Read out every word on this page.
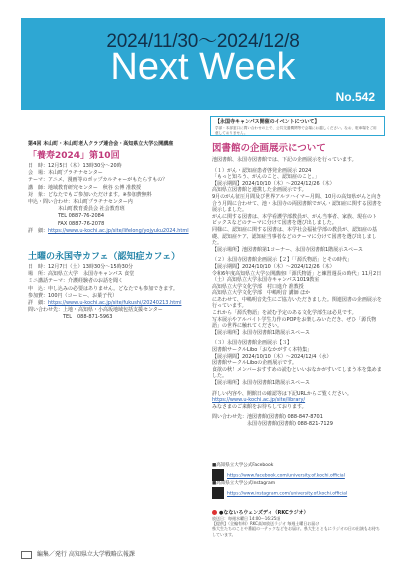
2024/11/30〜2024/12/8
Next Week
No.542
【永国寺キャンパス開催のイベントについて】
学部・本部窓口に問い合わせの上で、公共交通機関等で会場にお越しください。なお、駐車場をご用意しておりません。
第4回 本山町・本山町老人クラブ連合会・高知県立大学公開講座
「養寿2024」第10回
日　時：12月5日（木）13時30分〜20時
会　場：本山町プラチナセンター
テーマ：アニメ、漫画等のポップカルチャーがもたらすもの？
講　師：地域教育研究センター　秋谷 公博 准教授
対　象：どなたでもご参加いただけます。※参加費無料
申込・問い合わせ：本山町プラチナセンター内
　　　　　　本山町教育委員会 社会教育班
　　　　　　TEL 0887-76-2084
　　　　　　FAX 0887-76-2078
詳　細：https://www.u-kochi.ac.jp/site/lifelong/yojyuku2024.html
土曜の永国寺カフェ（認知症カフェ）
日　時：12月7日（土）13時30分〜15時30分
場　所：高知県立大学　永国寺キャンパス 食堂
ミニ講話テーマ：介護経験者のお話を聞く
申　込：申し込みの必要はありません。どなたでも参加できます。
参加費：100円（コーヒー、お菓子代）
詳　細：https://www.u-kochi.ac.jp/site/fukushi/20240213.html
問い合わせ先：上地・高知県・小高坂地域包括支援センター
　　　　　　　TEL　088-871-5963
図書館の企画展示について
池図書館、永国寺図書館では、下記の企画展示を行っています。
（１）がん・認知症患者啓発企画展示 2024
「もっと知ろう、がんのこと、認知症のこと。」
【展示期間】2024/10/10（木）〜2024/12/26（木）
高知県立図書館と連携した企画展示です。
9月のがん征圧月間及び世界アルツハイマー月間、10月の高知県がんと向き合う月間に合わせて、池・永国寺の両図書館でがん・認知症に関する図書を展示しました。
がんに関する図書は、本学看護学部教員が、がん当事者、家族、現在のトピックスなどのテーマに分けて図書を選び出しました。
同様に、認知症に関する図書は、本学社会福祉学部の教員が、認知症の基礎、認知症ケア、認知症当事者などのテーマに分けて図書を選び出しました。
【展示場所】池図書館第1コーナー、永国寺図書館1階展示スペース
（２）永国寺図書館企画展示【２】「「源氏物語」とその時代」
【展示期間】2024/10/10（木）〜2024/12/26（木）
令和6年度高知県立大学公開講座Ⅰ「源氏物語」と練習週長の時代」11月2日（土）高知県立大学永国寺キャンパス1019教室
高知県立大学文化学部　村口進介 准教授
高知県立大学文化学部　中嶋明音 講師 ほか
にあわせて、中嶋明音先生にご協力いただきました。関連図書の企画展示を行っています。
これから「源氏物語」を読む予定のある文化学部生は必見です。
写本展示やアルバイト学生力作のPOPをお楽しみいただき、ぜひ「源氏物語」の世界に触れてください。
【展示場所】永国寺図書館1階展示スペース
（３）永国寺図書館企画展示【３】
図書館サークルLibo「おなかがすく本特集」
【展示期間】2024/10/10（木）〜2024/12/4（水）
図書館サークルLiboの企画展示です。
食欲の秋！メンバーおすすめの読むといいおなかがすいてしまう本を集めました。
【展示場所】永国寺図書館1階展示スペース
詳しい内容や、開館日の確認等は下記URLからご覧ください。
https://www.u-kochi.ac.jp/site/library/
みなさまのご来館をお待ちしております。
問い合わせ先：池図書館(図書館) 088-847-8701
　　　　　　　永国寺図書館(図書館) 088-821-7129
■高知県立大学公式Facebook
https://www.facebook.com/university.of.kochi.official
■高知県立大学公式Instagram
https://www.instagram.com/university.of.kochi.official
●なないろウェンズディ（RKCラジオ）
放送日：毎週水曜日 14:00〜16:25頃
【提供】（全編有料）RKC高知放送ラジオ 毎週土曜日お届け
県大生たちのことや番組の一テックなどをお届け。県大生とともにラジオの日の出演もお待ちしています。
編集／発行 高知県立大学戦略広報課
